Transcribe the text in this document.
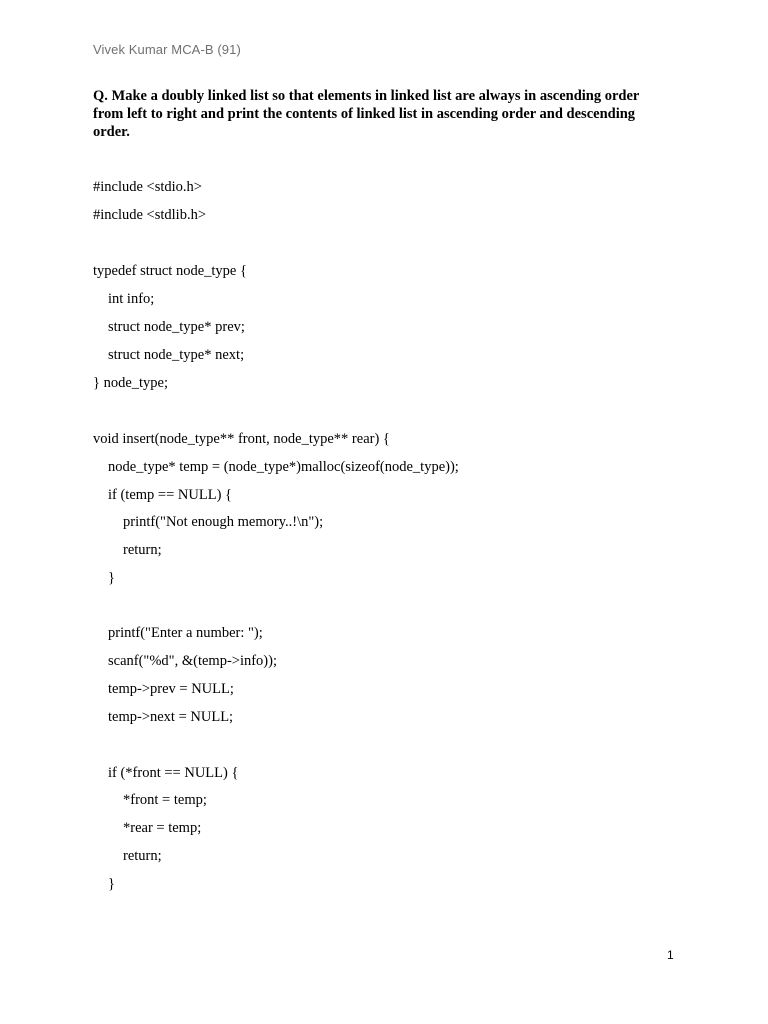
Vivek Kumar MCA-B (91)
Q. Make a doubly linked list so that elements in linked list are always in ascending order from left to right and print the contents of linked list in ascending order and descending order.
#include <stdio.h>
#include <stdlib.h>
typedef struct node_type {
int info;
struct node_type* prev;
struct node_type* next;
} node_type;
void insert(node_type** front, node_type** rear) {
node_type* temp = (node_type*)malloc(sizeof(node_type));
if (temp == NULL) {
printf("Not enough memory..!\n");
return;
}
printf("Enter a number: ");
scanf("%d", &(temp->info));
temp->prev = NULL;
temp->next = NULL;
if (*front == NULL) {
*front = temp;
*rear = temp;
return;
}
1
